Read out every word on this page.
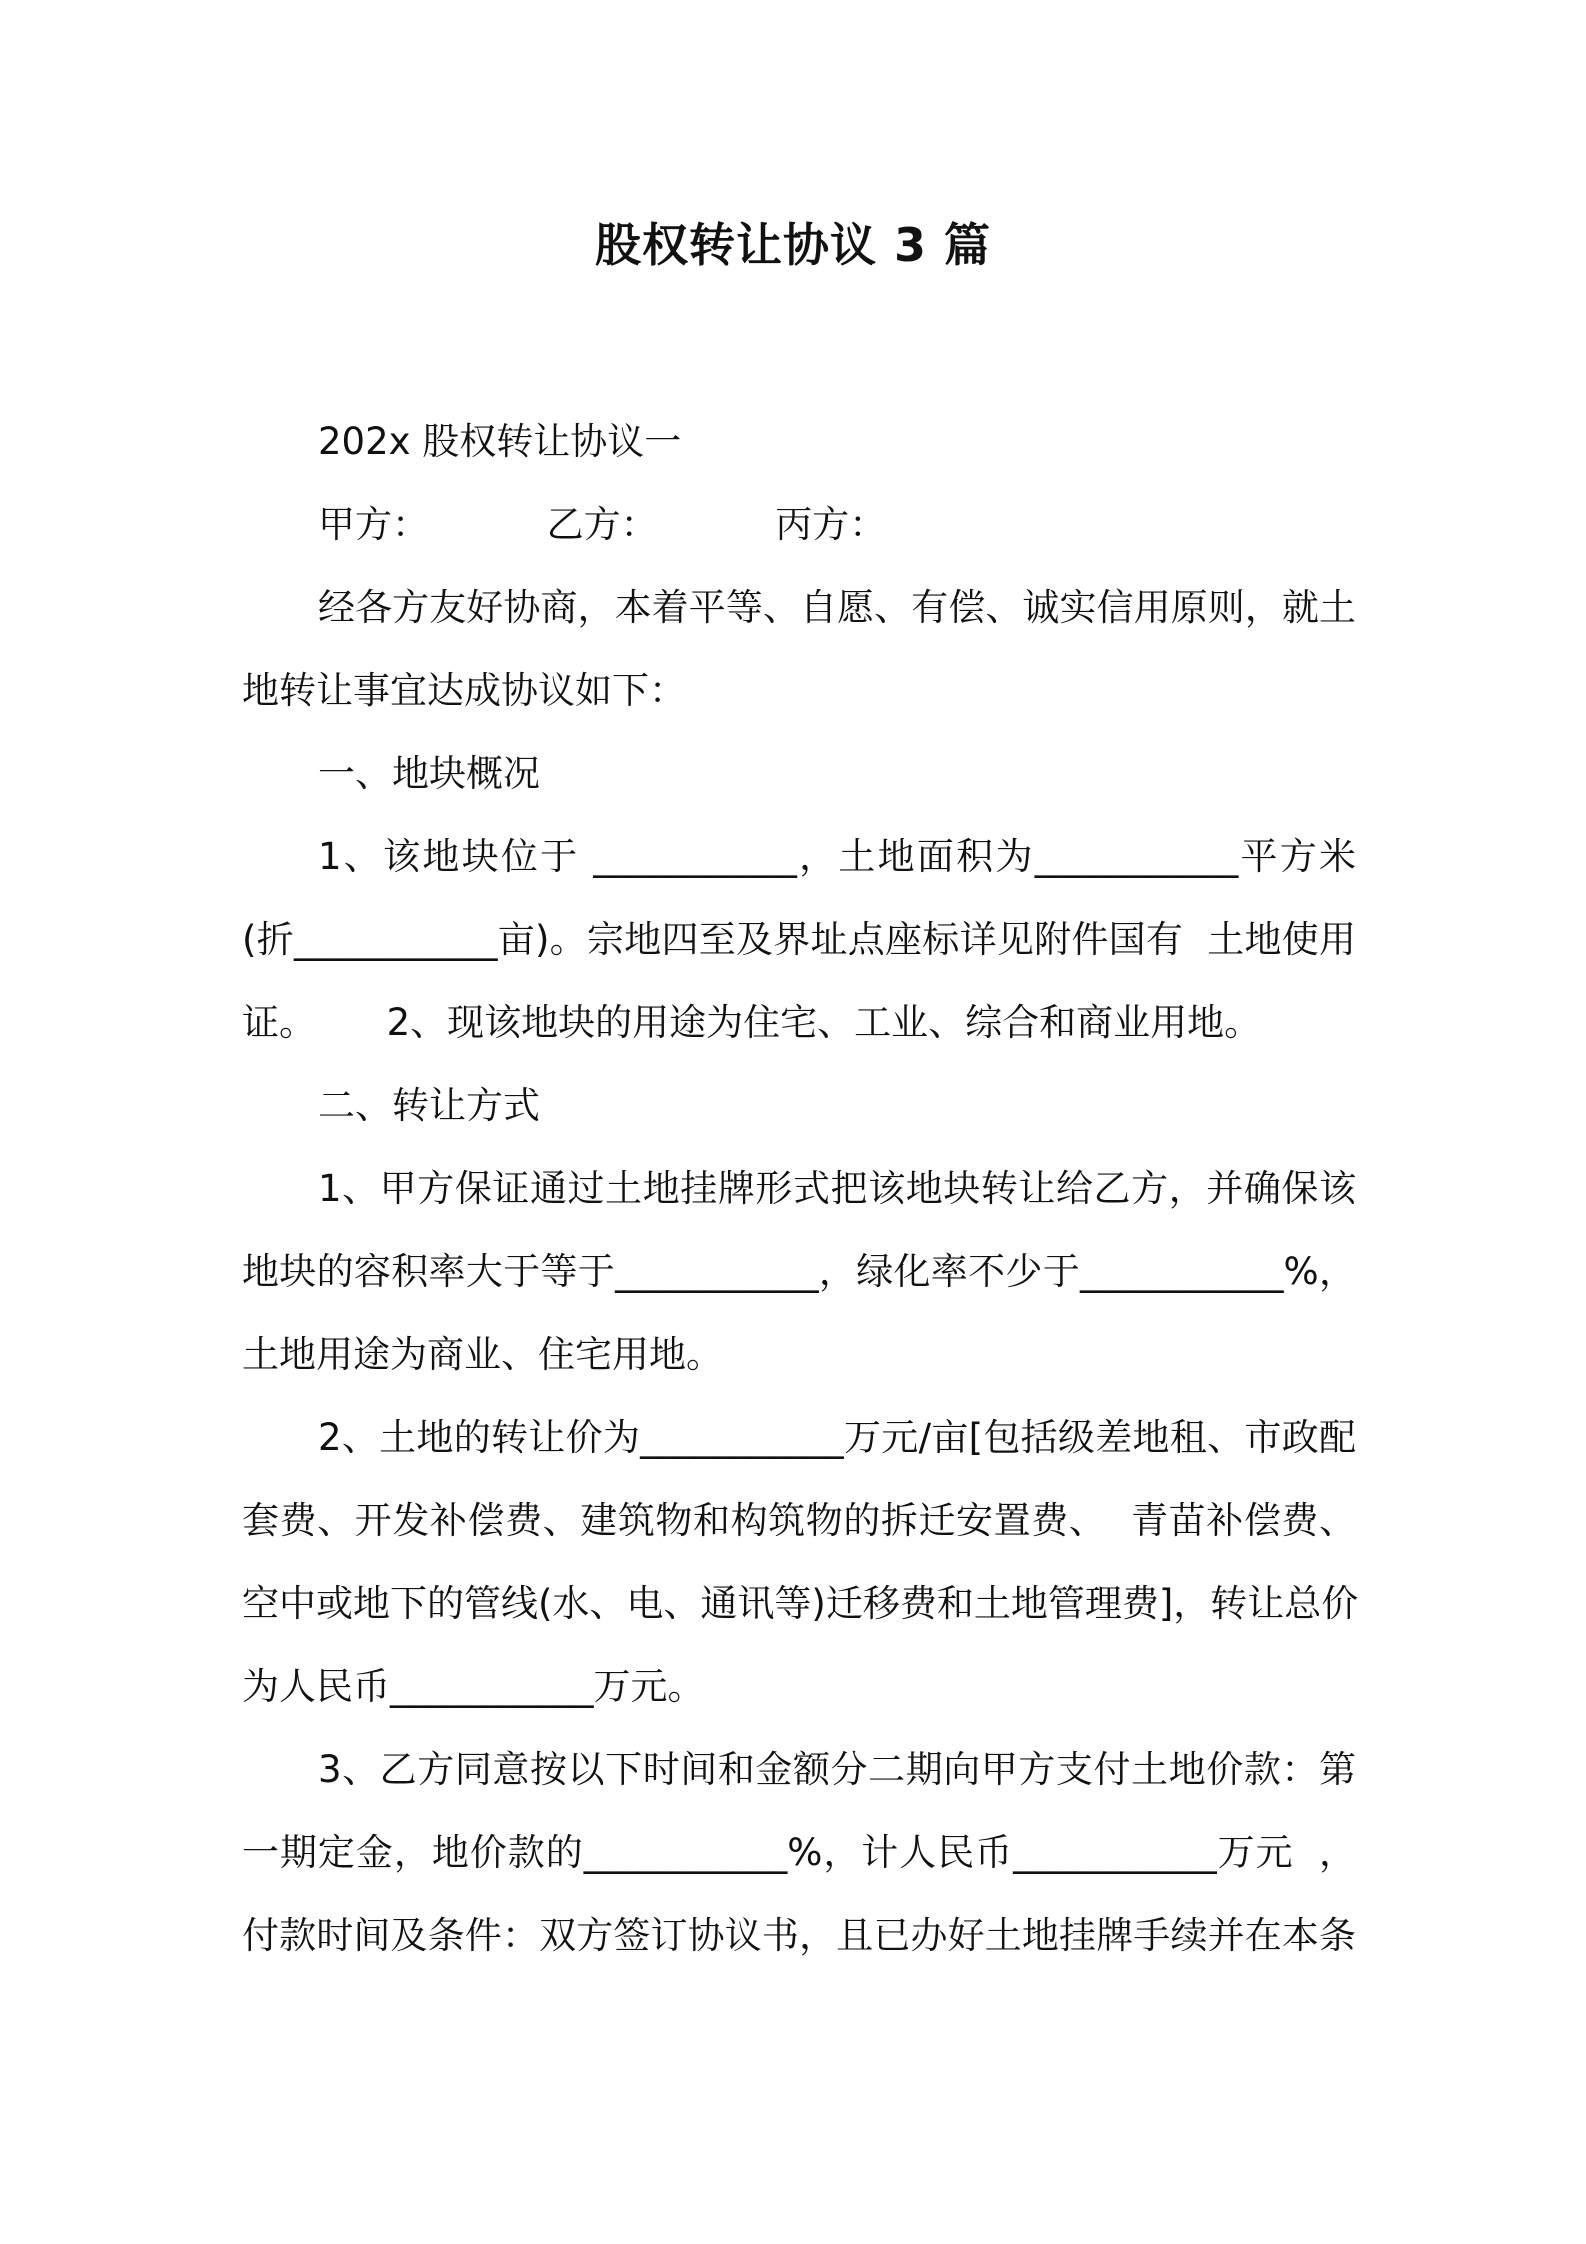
股权转让协议 3 篇
202x 股权转让协议一
甲方：          乙方：          丙方：
经各方友好协商，本着平等、自愿、有偿、诚实信用原则，就土
地转让事宜达成协议如下：
一、地块概况
1、该地块位于 ___________，土地面积为___________平方米
(折___________亩)。宗地四至及界址点座标详见附件国有  土地使用
证。      2、现该地块的用途为住宅、工业、综合和商业用地。
二、转让方式
1、甲方保证通过土地挂牌形式把该地块转让给乙方，并确保该
地块的容积率大于等于___________，绿化率不少于___________%，
土地用途为商业、住宅用地。
2、土地的转让价为___________万元/亩[包括级差地租、市政配
套费、开发补偿费、建筑物和构筑物的拆迁安置费、  青苗补偿费、
空中或地下的管线(水、电、通讯等)迁移费和土地管理费]，转让总价
为人民币___________万元。
3、乙方同意按以下时间和金额分二期向甲方支付土地价款：第
一期定金，地价款的___________%，计人民币___________万元  ，
付款时间及条件：双方签订协议书，且已办好土地挂牌手续并在本条
